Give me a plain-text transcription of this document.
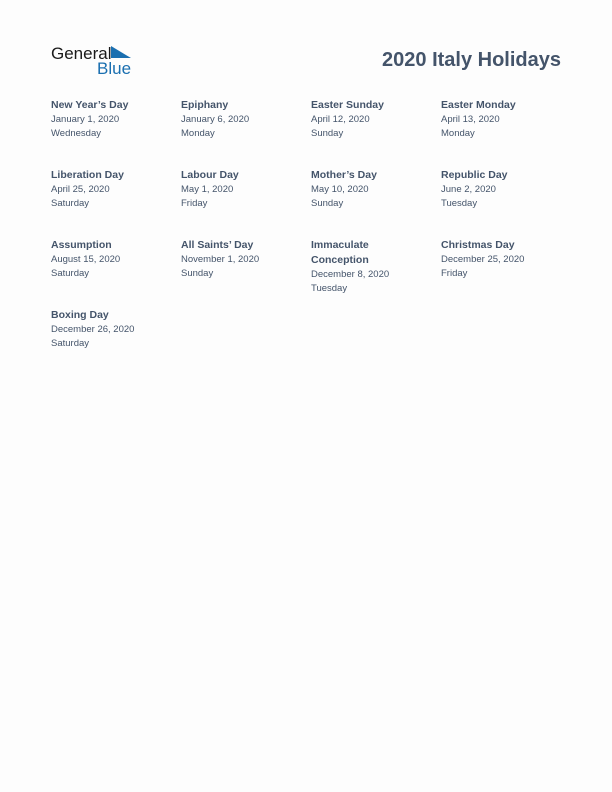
General
Blue	2020 Italy Holidays
New Year’s Day
January 1, 2020
Wednesday
Epiphany
January 6, 2020
Monday
Easter Sunday
April 12, 2020
Sunday
Easter Monday
April 13, 2020
Monday
Liberation Day
April 25, 2020
Saturday
Labour Day
May 1, 2020
Friday
Mother’s Day
May 10, 2020
Sunday
Republic Day
June 2, 2020
Tuesday
Assumption
August 15, 2020
Saturday
All Saints’ Day
November 1, 2020
Sunday
Immaculate Conception
December 8, 2020
Tuesday
Christmas Day
December 25, 2020
Friday
Boxing Day
December 26, 2020
Saturday
